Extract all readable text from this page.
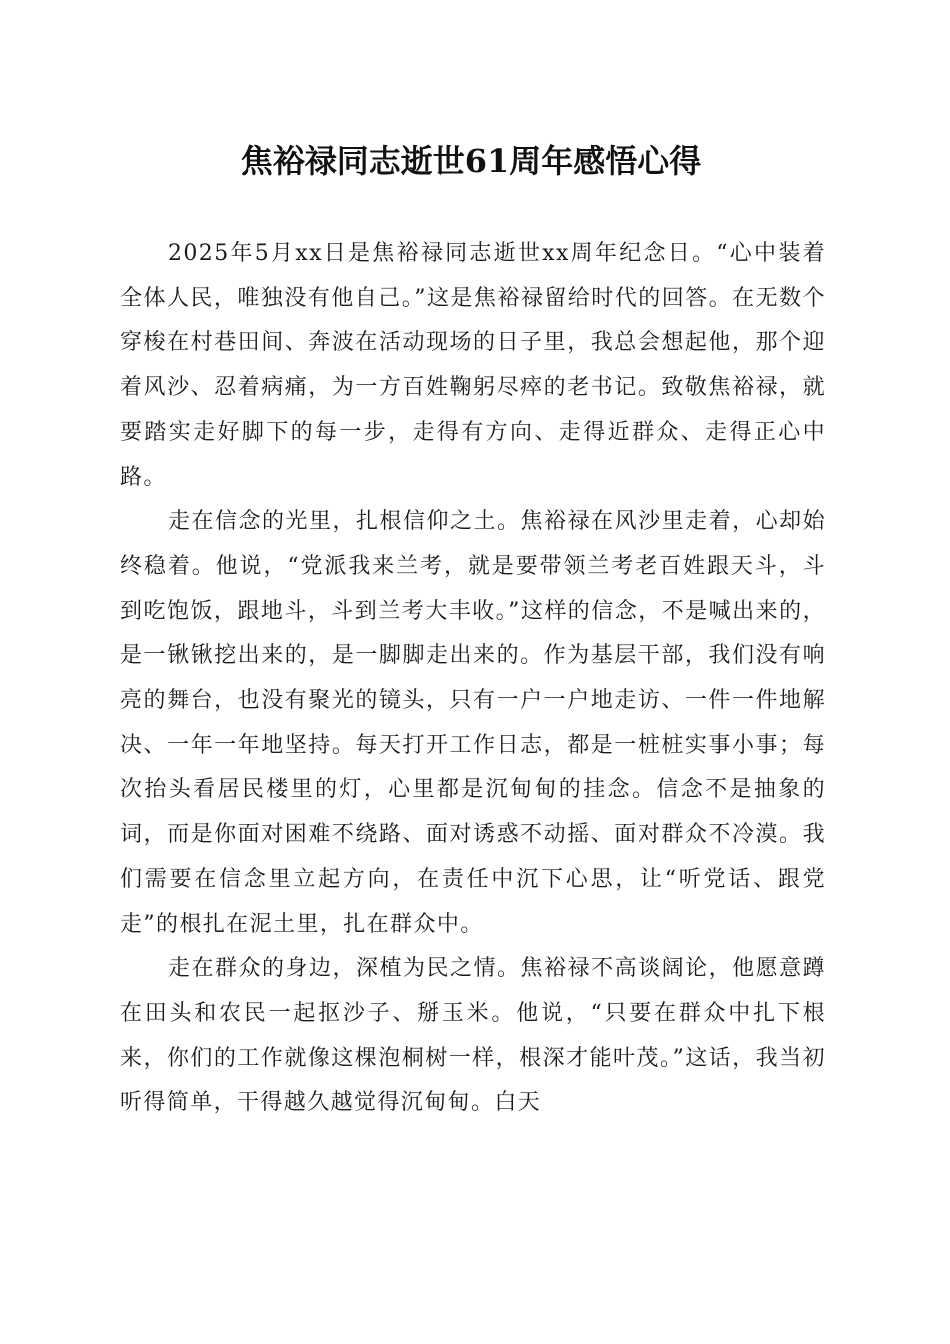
焦裕禄同志逝世61周年感悟心得

2025年5月xx日是焦裕禄同志逝世xx周年纪念日。“心中装着全体人民，唯独没有他自己。”这是焦裕禄留给时代的回答。在无数个穿梭在村巷田间、奔波在活动现场的日子里，我总会想起他，那个迎着风沙、忍着病痛，为一方百姓鞠躬尽瘁的老书记。致敬焦裕禄，就要踏实走好脚下的每一步，走得有方向、走得近群众、走得正心中路。

走在信念的光里，扎根信仰之土。焦裕禄在风沙里走着，心却始终稳着。他说，“党派我来兰考，就是要带领兰考老百姓跟天斗，斗到吃饱饭，跟地斗，斗到兰考大丰收。”这样的信念，不是喊出来的，是一锹锹挖出来的，是一脚脚走出来的。作为基层干部，我们没有响亮的舞台，也没有聚光的镜头，只有一户一户地走访、一件一件地解决、一年一年地坚持。每天打开工作日志，都是一桩桩实事小事；每次抬头看居民楼里的灯，心里都是沉甸甸的挂念。信念不是抽象的词，而是你面对困难不绕路、面对诱惑不动摇、面对群众不冷漠。我们需要在信念里立起方向，在责任中沉下心思，让“听党话、跟党走”的根扎在泥土里，扎在群众中。

走在群众的身边，深植为民之情。焦裕禄不高谈阔论，他愿意蹲在田头和农民一起抠沙子、掰玉米。他说，“只要在群众中扎下根来，你们的工作就像这棵泡桐树一样，根深才能叶茂。”这话，我当初听得简单，干得越久越觉得沉甸甸。白天
